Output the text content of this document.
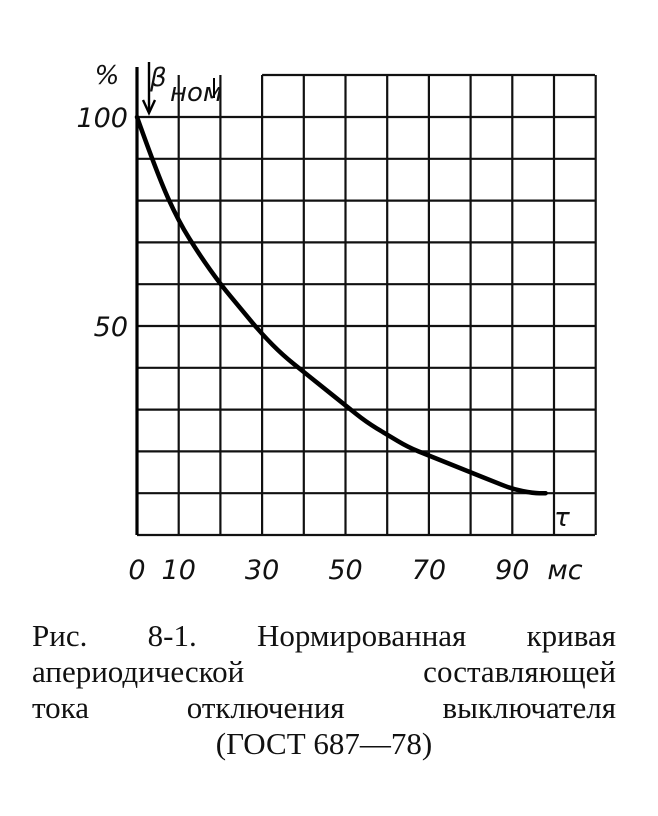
0 10 30 50 70 90 мс
100
50
% β ном
τ
Рис. 8-1. Нормированная кривая
апериодической составляющей
тока отключения выключателя
(ГОСТ 687—78)
